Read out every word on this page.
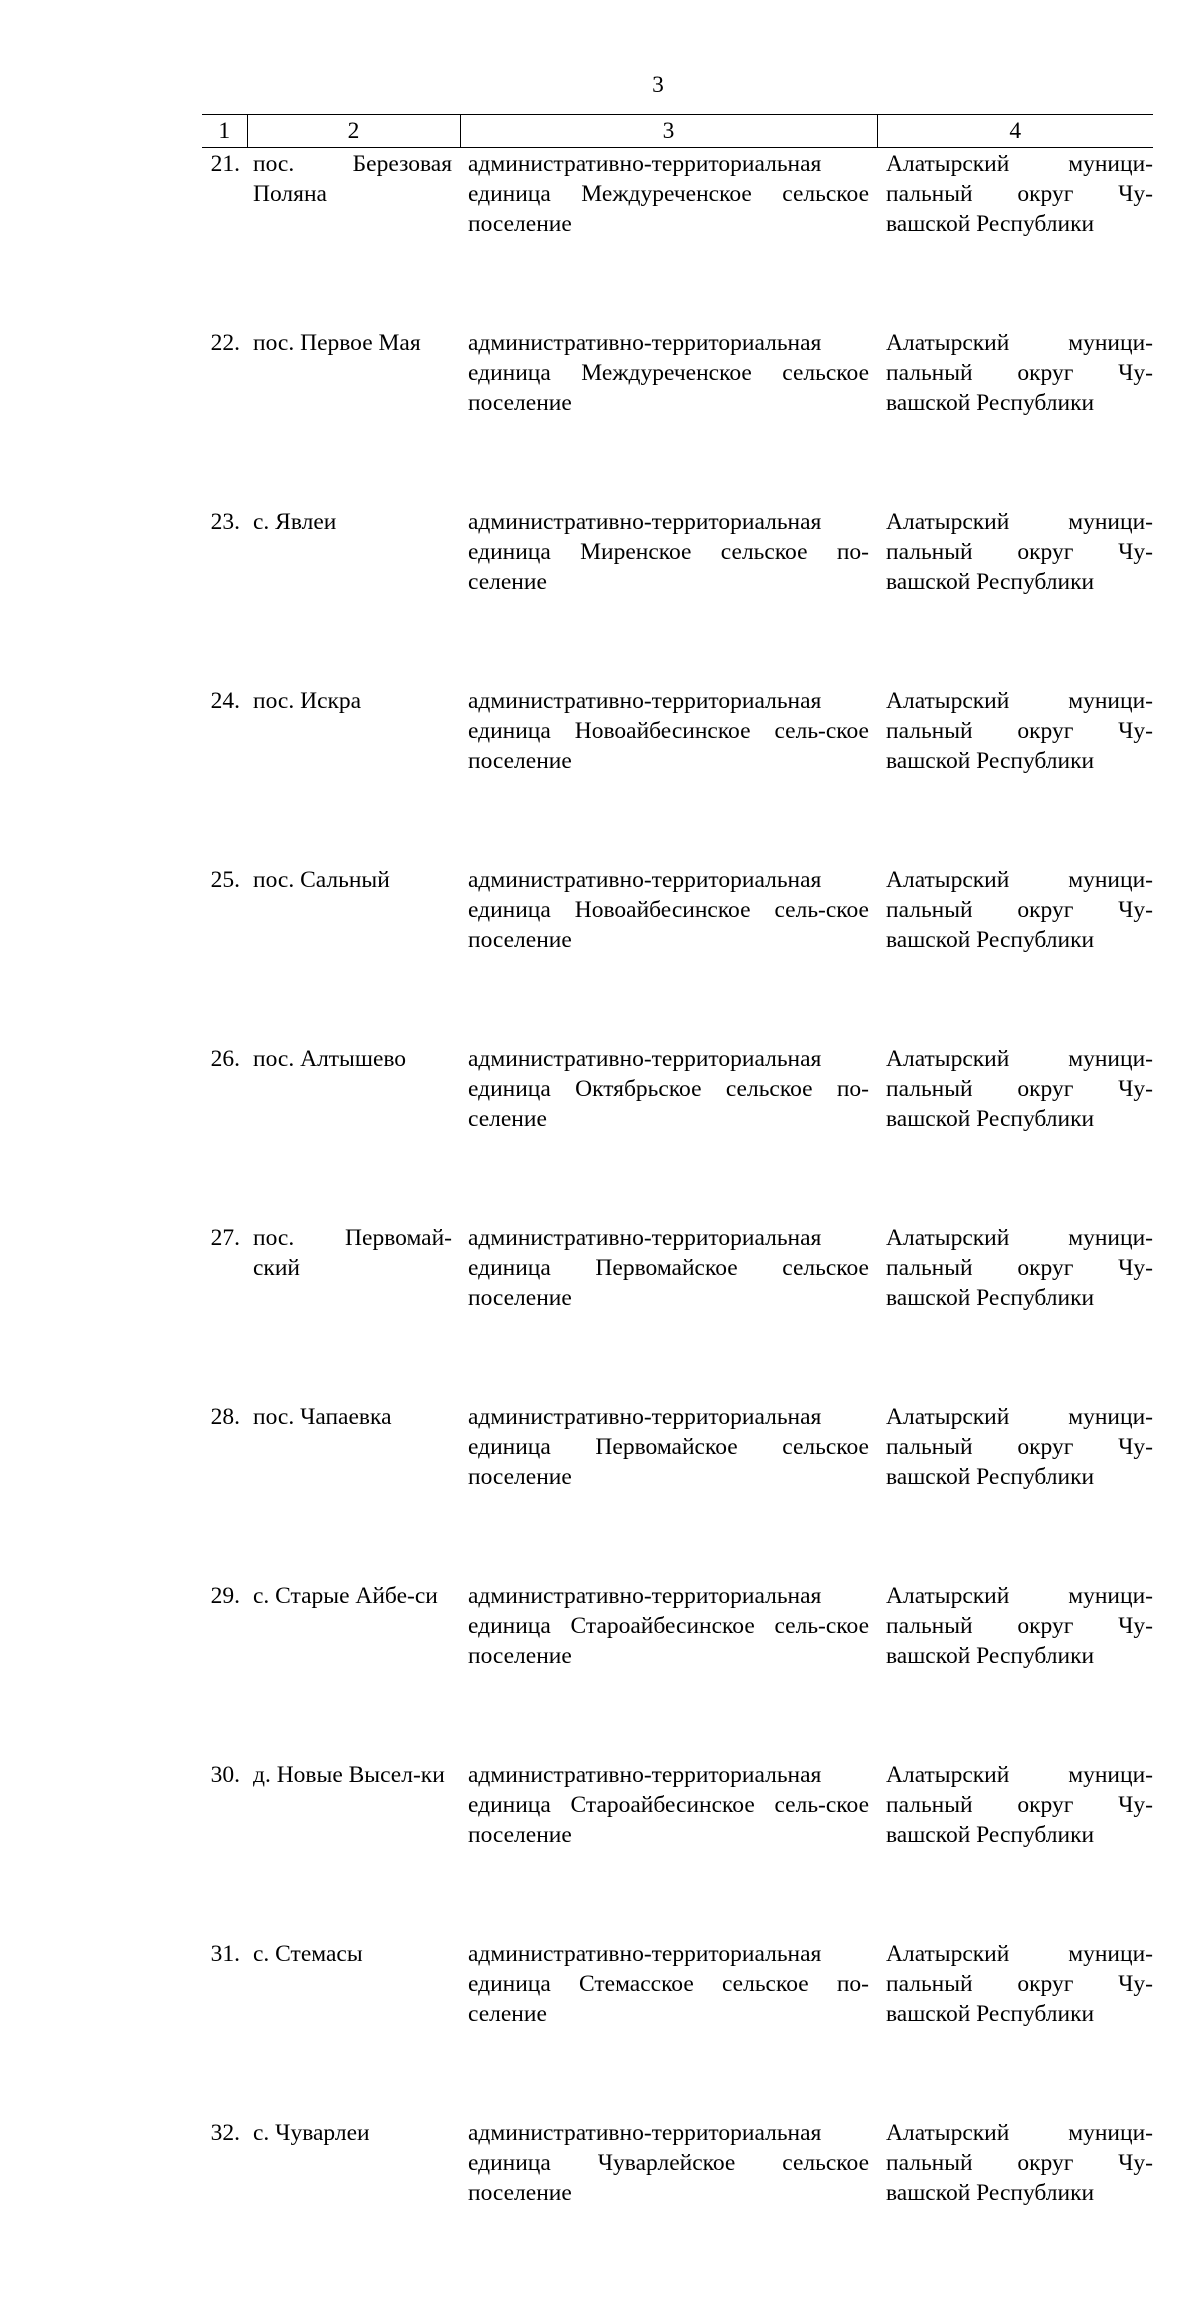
3
1	2	3	4
21.	пос. Березовая Поляна	административно-территориальная единица Междуреченское сельское поселение	Алатырский муници-пальный округ Чу-вашской Республики
22.	пос. Первое Мая	административно-территориальная единица Междуреченское сельское поселение	Алатырский муници-пальный округ Чу-вашской Республики
23.	с. Явлеи	административно-территориальная единица Миренское сельское по-селение	Алатырский муници-пальный округ Чу-вашской Республики
24.	пос. Искра	административно-территориальная единица Новоайбесинское сель-ское поселение	Алатырский муници-пальный округ Чу-вашской Республики
25.	пос. Сальный	административно-территориальная единица Новоайбесинское сель-ское поселение	Алатырский муници-пальный округ Чу-вашской Республики
26.	пос. Алтышево	административно-территориальная единица Октябрьское сельское по-селение	Алатырский муници-пальный округ Чу-вашской Республики
27.	пос. Первомай-ский	административно-территориальная единица Первомайское сельское поселение	Алатырский муници-пальный округ Чу-вашской Республики
28.	пос. Чапаевка	административно-территориальная единица Первомайское сельское поселение	Алатырский муници-пальный округ Чу-вашской Республики
29.	с. Старые Айбе-си	административно-территориальная единица Староайбесинское сель-ское поселение	Алатырский муници-пальный округ Чу-вашской Республики
30.	д. Новые Высел-ки	административно-территориальная единица Староайбесинское сель-ское поселение	Алатырский муници-пальный округ Чу-вашской Республики
31.	с. Стемасы	административно-территориальная единица Стемасское сельское по-селение	Алатырский муници-пальный округ Чу-вашской Республики
32.	с. Чуварлеи	административно-территориальная единица Чуварлейское сельское поселение	Алатырский муници-пальный округ Чу-вашской Республики
